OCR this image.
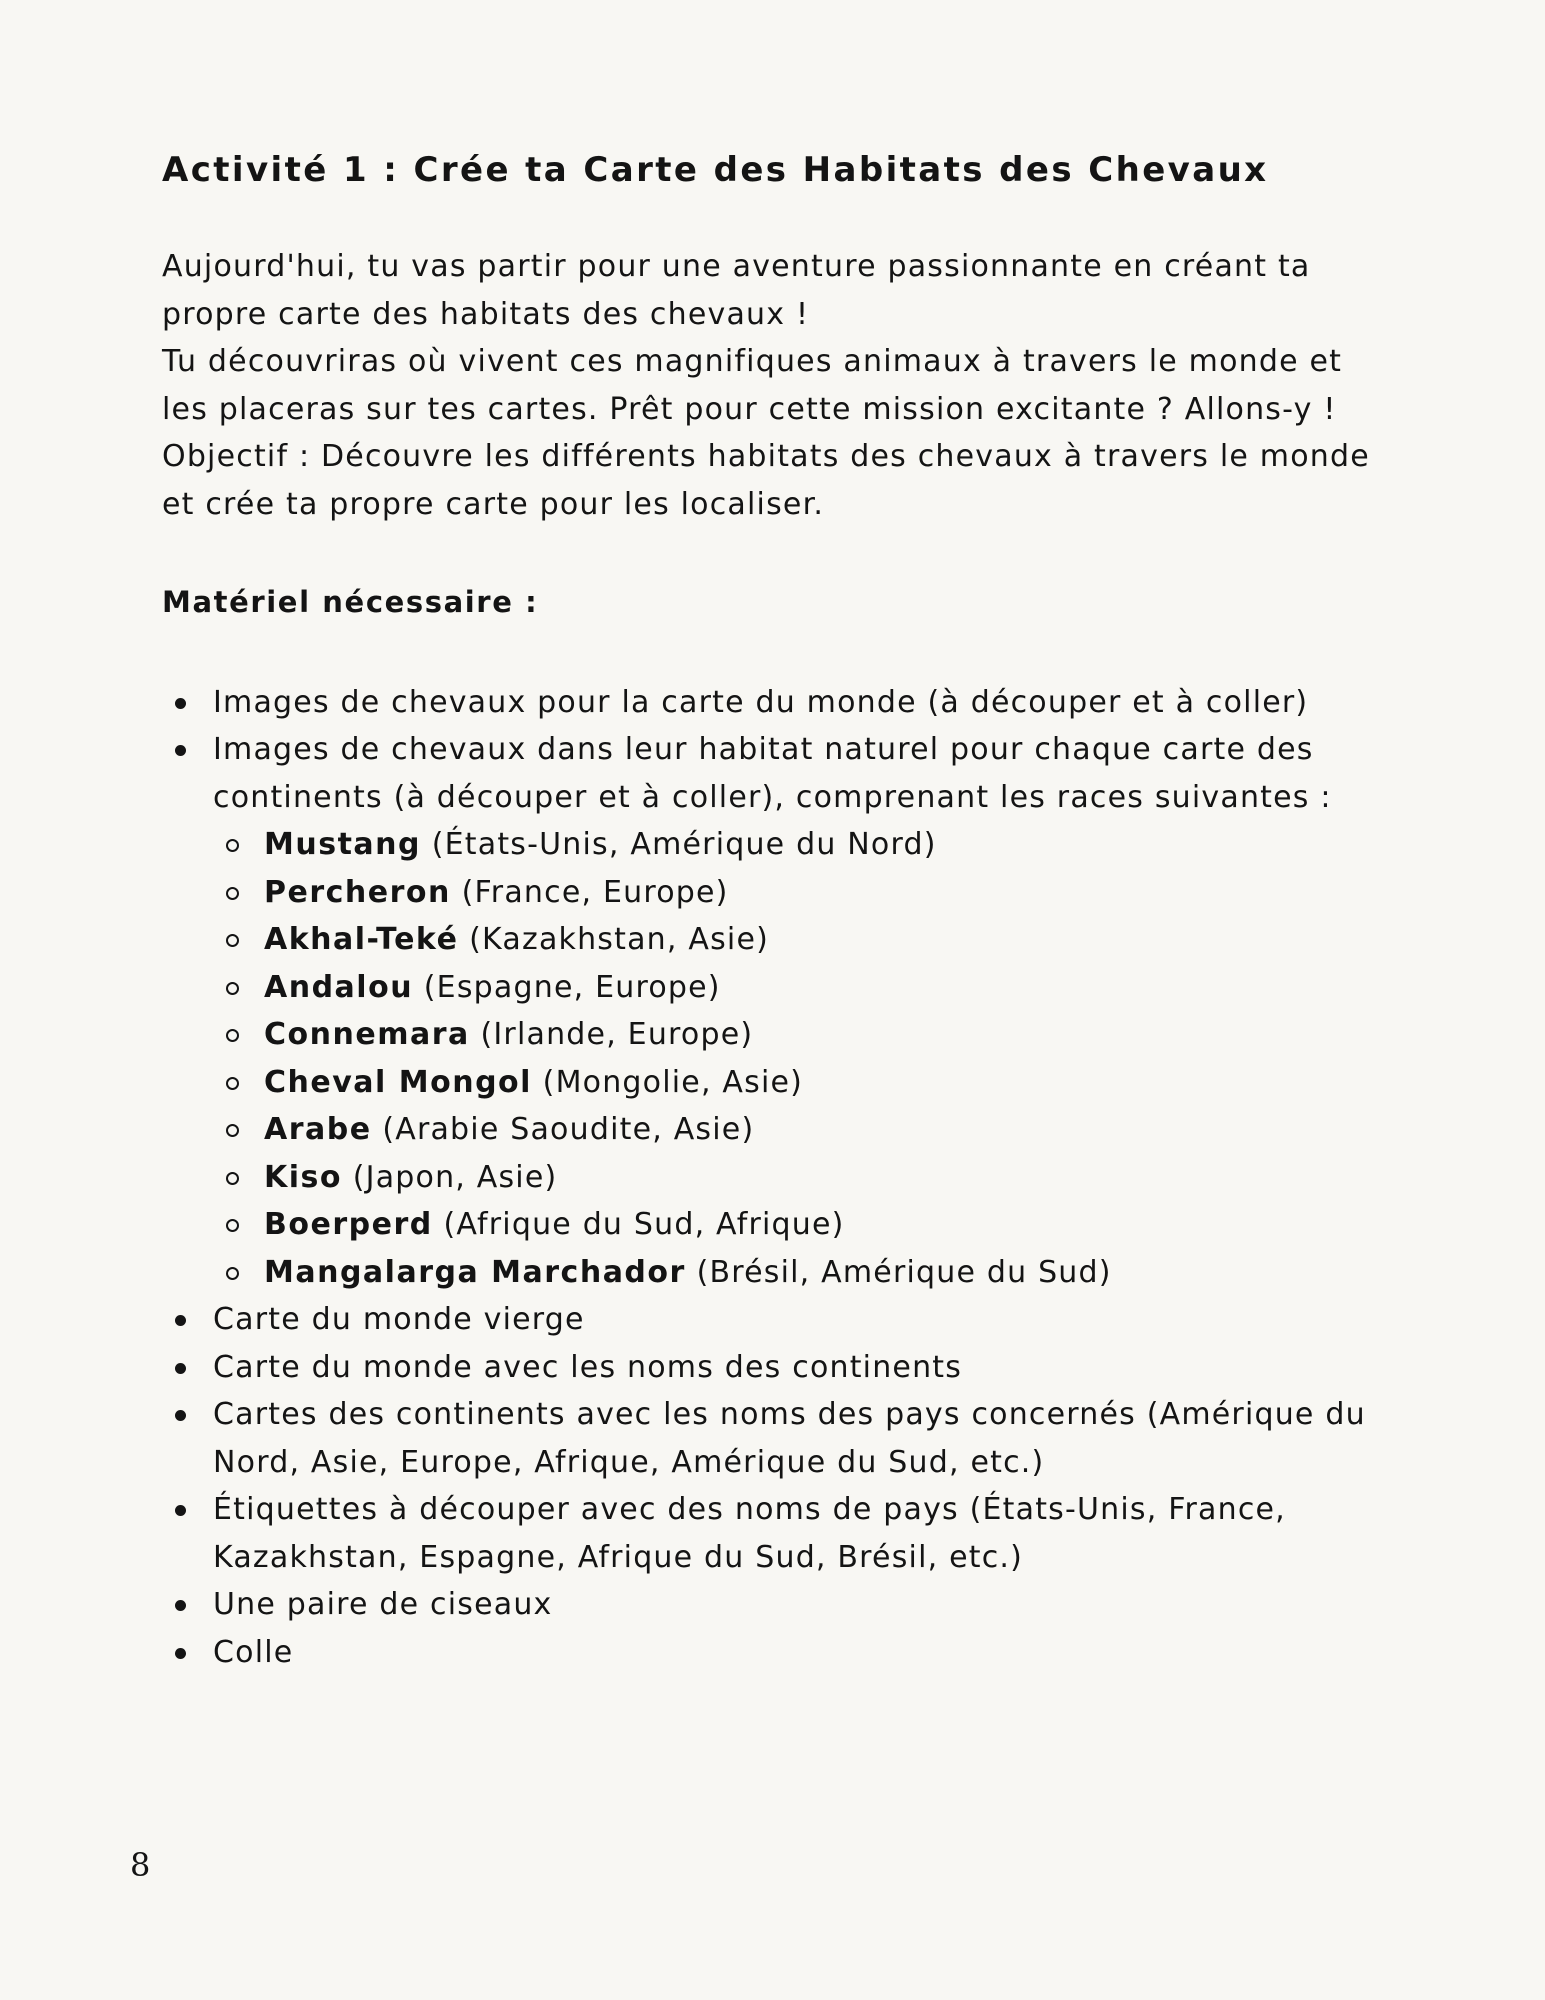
Activité 1 : Crée ta Carte des Habitats des Chevaux

Aujourd'hui, tu vas partir pour une aventure passionnante en créant ta propre carte des habitats des chevaux !

Tu découvriras où vivent ces magnifiques animaux à travers le monde et les placeras sur tes cartes. Prêt pour cette mission excitante ? Allons-y !

Objectif : Découvre les différents habitats des chevaux à travers le monde et crée ta propre carte pour les localiser.

Matériel nécessaire :
Images de chevaux pour la carte du monde (à découper et à coller)
Images de chevaux dans leur habitat naturel pour chaque carte des continents (à découper et à coller), comprenant les races suivantes :
Mustang (États-Unis, Amérique du Nord)
Percheron (France, Europe)
Akhal-Teké (Kazakhstan, Asie)
Andalou (Espagne, Europe)
Connemara (Irlande, Europe)
Cheval Mongol (Mongolie, Asie)
Arabe (Arabie Saoudite, Asie)
Kiso (Japon, Asie)
Boerperd (Afrique du Sud, Afrique)
Mangalarga Marchador (Brésil, Amérique du Sud)
Carte du monde vierge
Carte du monde avec les noms des continents
Cartes des continents avec les noms des pays concernés (Amérique du Nord, Asie, Europe, Afrique, Amérique du Sud, etc.)
Étiquettes à découper avec des noms de pays (États-Unis, France, Kazakhstan, Espagne, Afrique du Sud, Brésil, etc.)
Une paire de ciseaux
Colle
8
